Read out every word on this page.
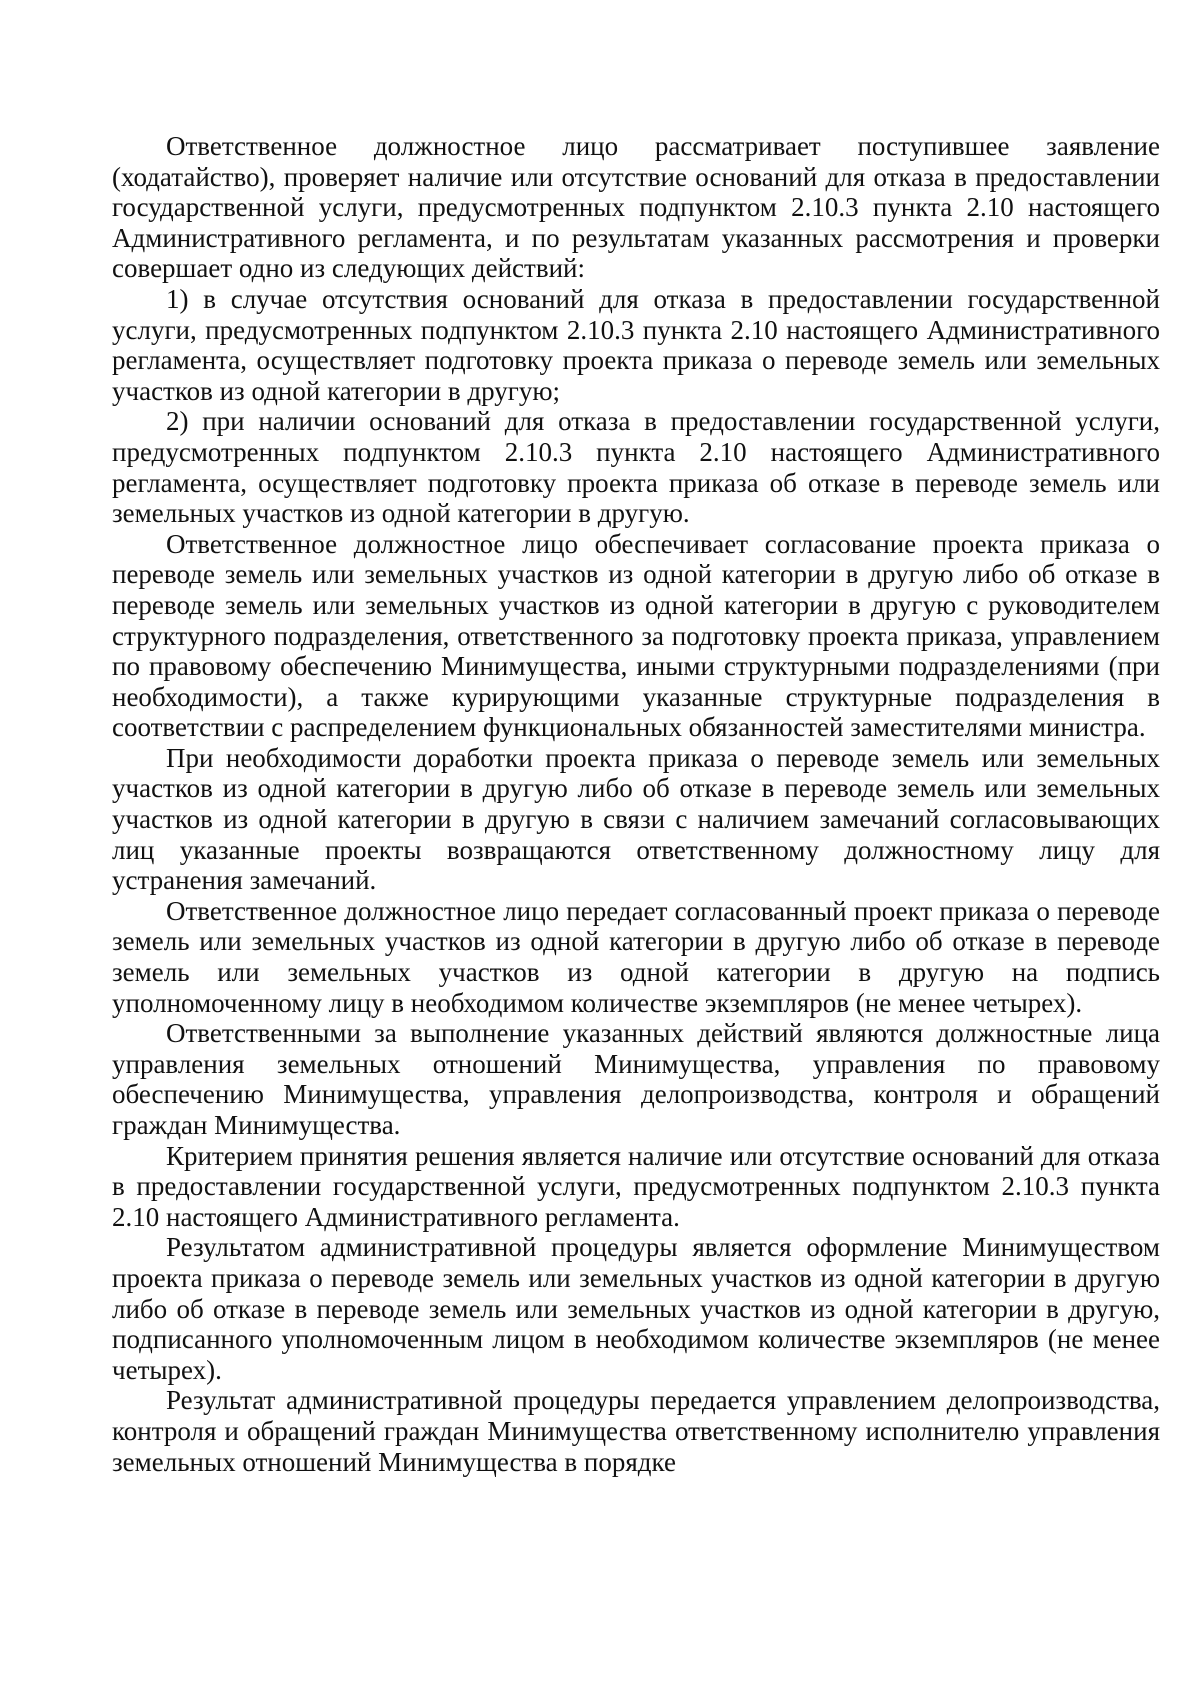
Ответственное должностное лицо рассматривает поступившее заявление (ходатайство), проверяет наличие или отсутствие оснований для отказа в предоставлении государственной услуги, предусмотренных подпунктом 2.10.3 пункта 2.10 настоящего Административного регламента, и по результатам указанных рассмотрения и проверки совершает одно из следующих действий:

1) в случае отсутствия оснований для отказа в предоставлении государственной услуги, предусмотренных подпунктом 2.10.3 пункта 2.10 настоящего Административного регламента, осуществляет подготовку проекта приказа о переводе земель или земельных участков из одной категории в другую;

2) при наличии оснований для отказа в предоставлении государственной услуги, предусмотренных подпунктом 2.10.3 пункта 2.10 настоящего Административного регламента, осуществляет подготовку проекта приказа об отказе в переводе земель или земельных участков из одной категории в другую.

Ответственное должностное лицо обеспечивает согласование проекта приказа о переводе земель или земельных участков из одной категории в другую либо об отказе в переводе земель или земельных участков из одной категории в другую с руководителем структурного подразделения, ответственного за подготовку проекта приказа, управлением по правовому обеспечению Минимущества, иными структурными подразделениями (при необходимости), а также курирующими указанные структурные подразделения в соответствии с распределением функциональных обязанностей заместителями министра.

При необходимости доработки проекта приказа о переводе земель или земельных участков из одной категории в другую либо об отказе в переводе земель или земельных участков из одной категории в другую в связи с наличием замечаний согласовывающих лиц указанные проекты возвращаются ответственному должностному лицу для устранения замечаний.

Ответственное должностное лицо передает согласованный проект приказа о переводе земель или земельных участков из одной категории в другую либо об отказе в переводе земель или земельных участков из одной категории в другую на подпись уполномоченному лицу в необходимом количестве экземпляров (не менее четырех).

Ответственными за выполнение указанных действий являются должностные лица управления земельных отношений Минимущества, управления по правовому обеспечению Минимущества, управления делопроизводства, контроля и обращений граждан Минимущества.

Критерием принятия решения является наличие или отсутствие оснований для отказа в предоставлении государственной услуги, предусмотренных подпунктом 2.10.3 пункта 2.10 настоящего Административного регламента.

Результатом административной процедуры является оформление Минимуществом проекта приказа о переводе земель или земельных участков из одной категории в другую либо об отказе в переводе земель или земельных участков из одной категории в другую, подписанного уполномоченным лицом в необходимом количестве экземпляров (не менее четырех).

Результат административной процедуры передается управлением делопроизводства, контроля и обращений граждан Минимущества ответственному исполнителю управления земельных отношений Минимущества в порядке
